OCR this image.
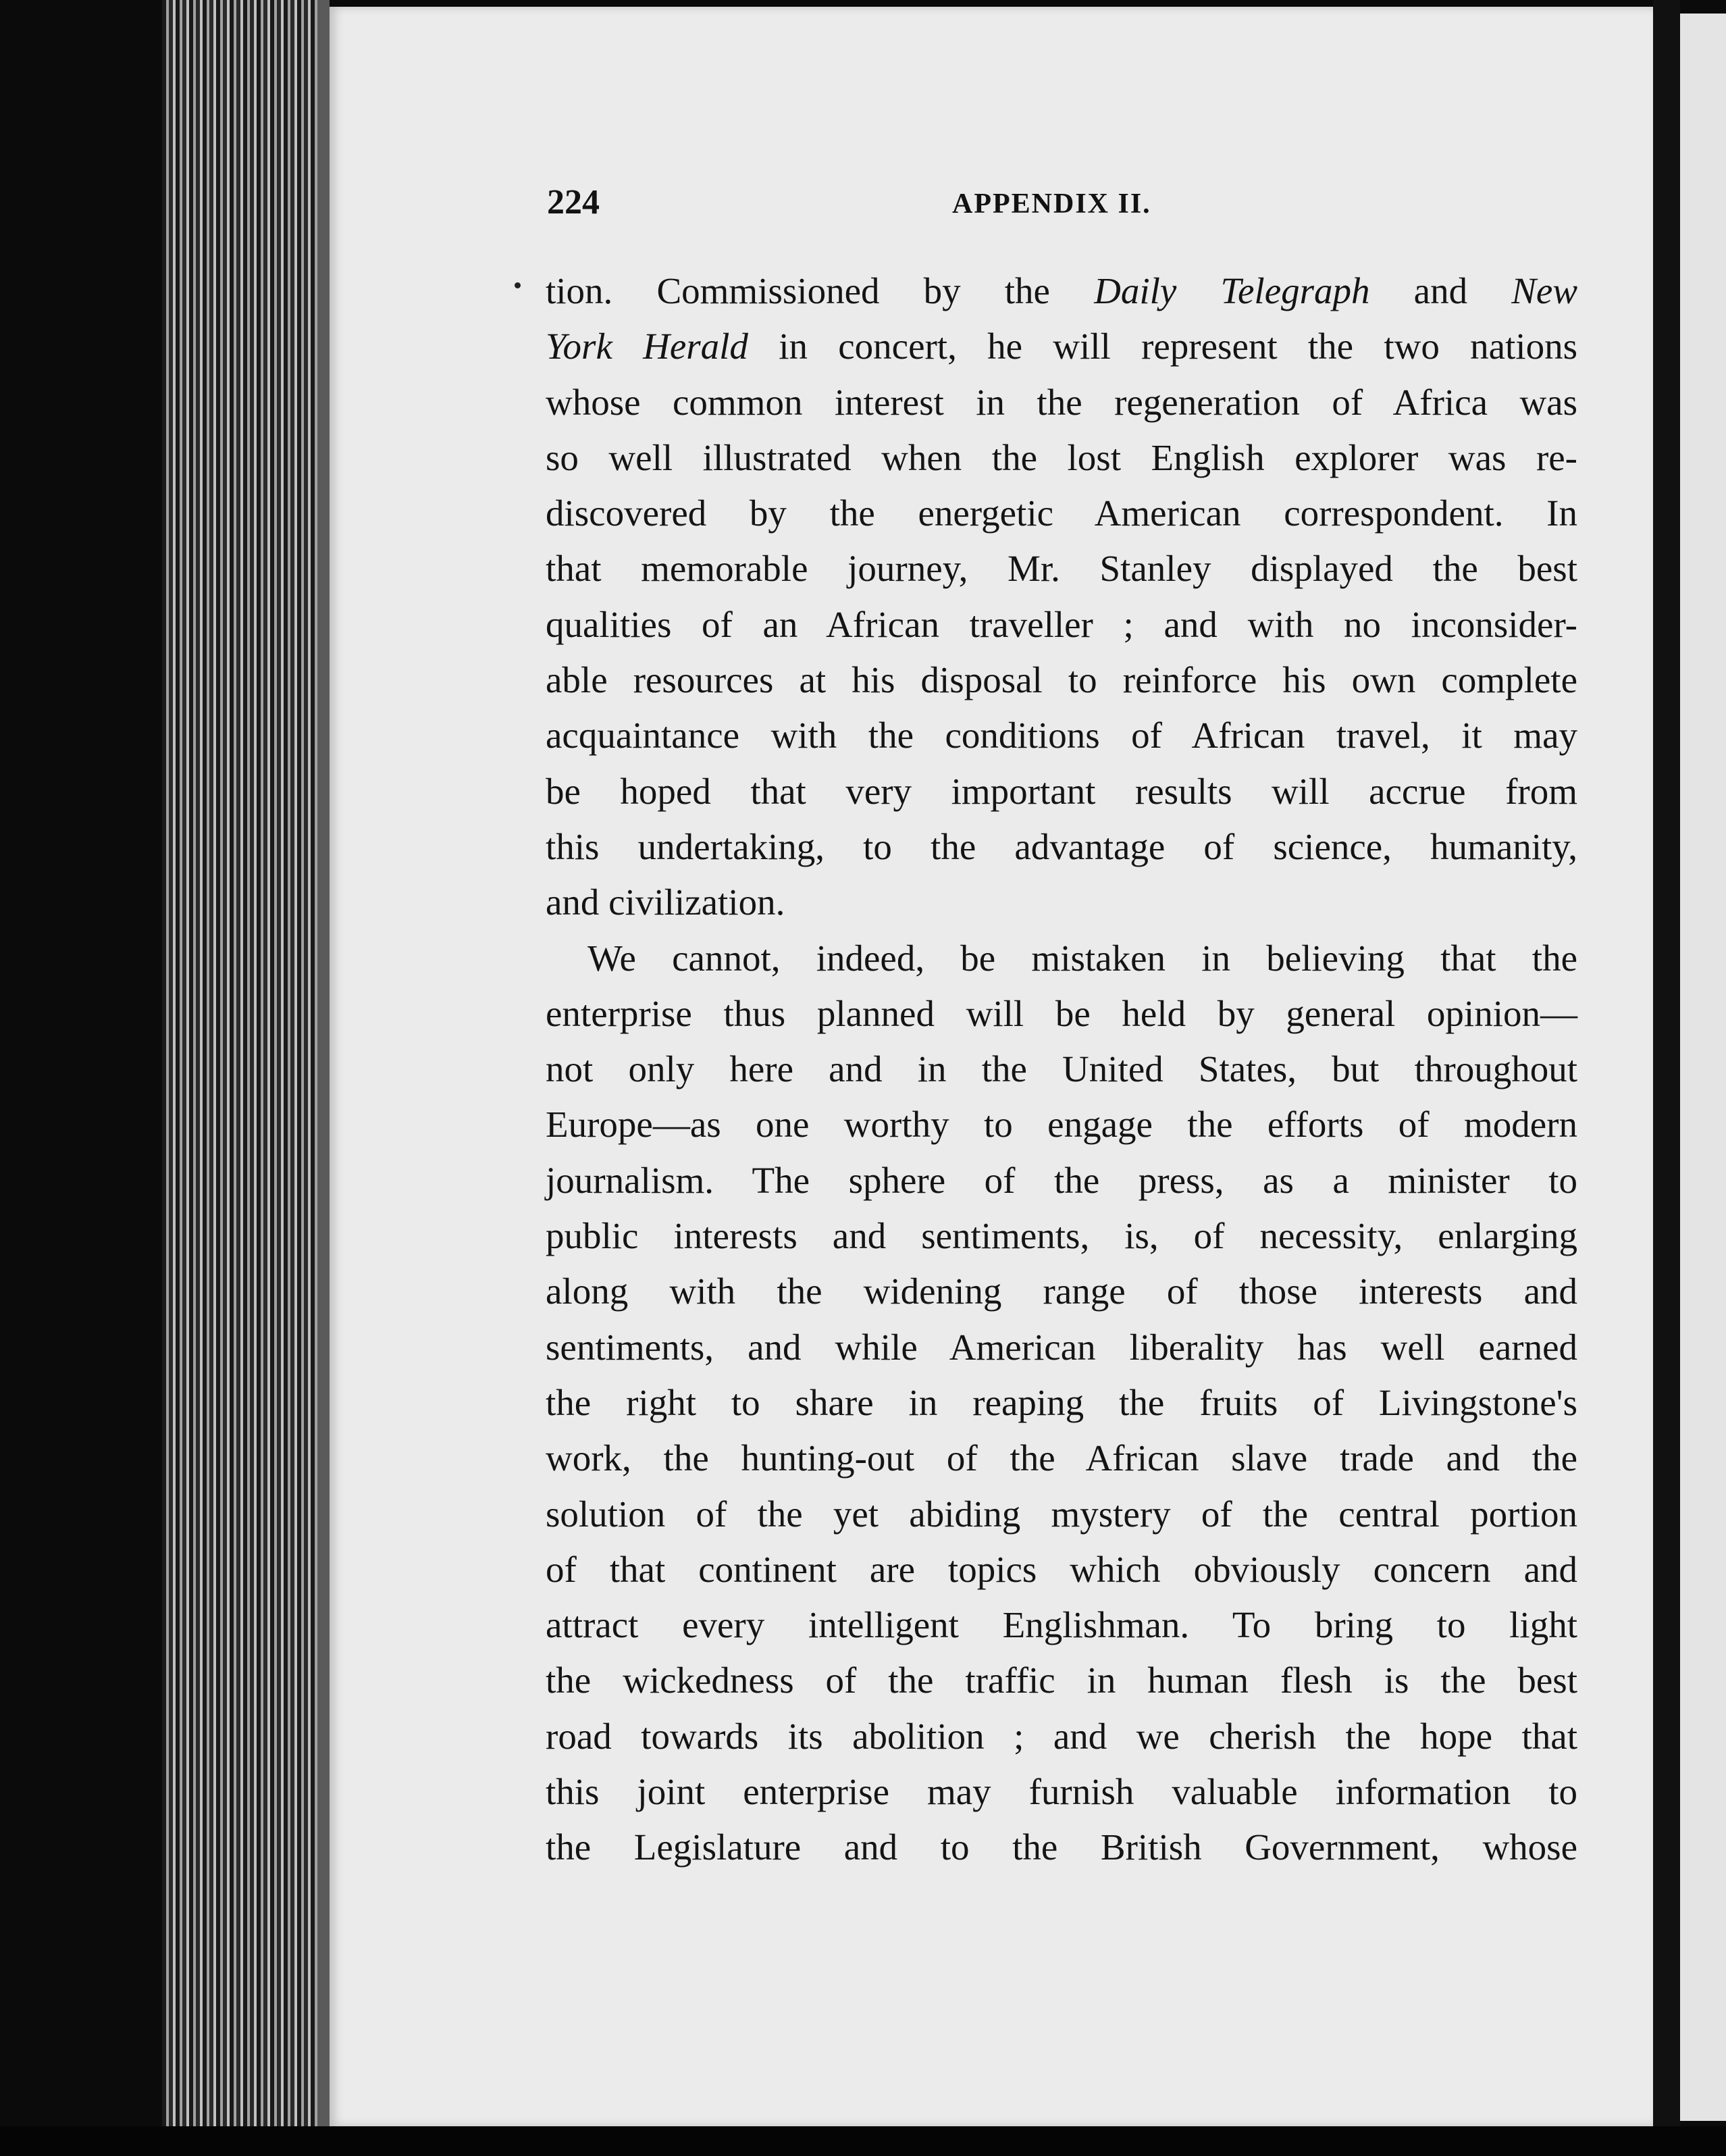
224	APPENDIX II.
tion. Commissioned by the Daily Telegraph and New
York Herald in concert, he will represent the two nations
whose common interest in the regeneration of Africa was
so well illustrated when the lost English explorer was re-
discovered by the energetic American correspondent. In
that memorable journey, Mr. Stanley displayed the best
qualities of an African traveller ; and with no inconsider-
able resources at his disposal to reinforce his own complete
acquaintance with the conditions of African travel, it may
be hoped that very important results will accrue from
this undertaking, to the advantage of science, humanity,
and civilization.
We cannot, indeed, be mistaken in believing that the
enterprise thus planned will be held by general opinion—
not only here and in the United States, but throughout
Europe—as one worthy to engage the efforts of modern
journalism. The sphere of the press, as a minister to
public interests and sentiments, is, of necessity, enlarging
along with the widening range of those interests and
sentiments, and while American liberality has well earned
the right to share in reaping the fruits of Livingstone's
work, the hunting-out of the African slave trade and the
solution of the yet abiding mystery of the central portion
of that continent are topics which obviously concern and
attract every intelligent Englishman. To bring to light
the wickedness of the traffic in human flesh is the best
road towards its abolition ; and we cherish the hope that
this joint enterprise may furnish valuable information to
the Legislature and to the British Government, whose
